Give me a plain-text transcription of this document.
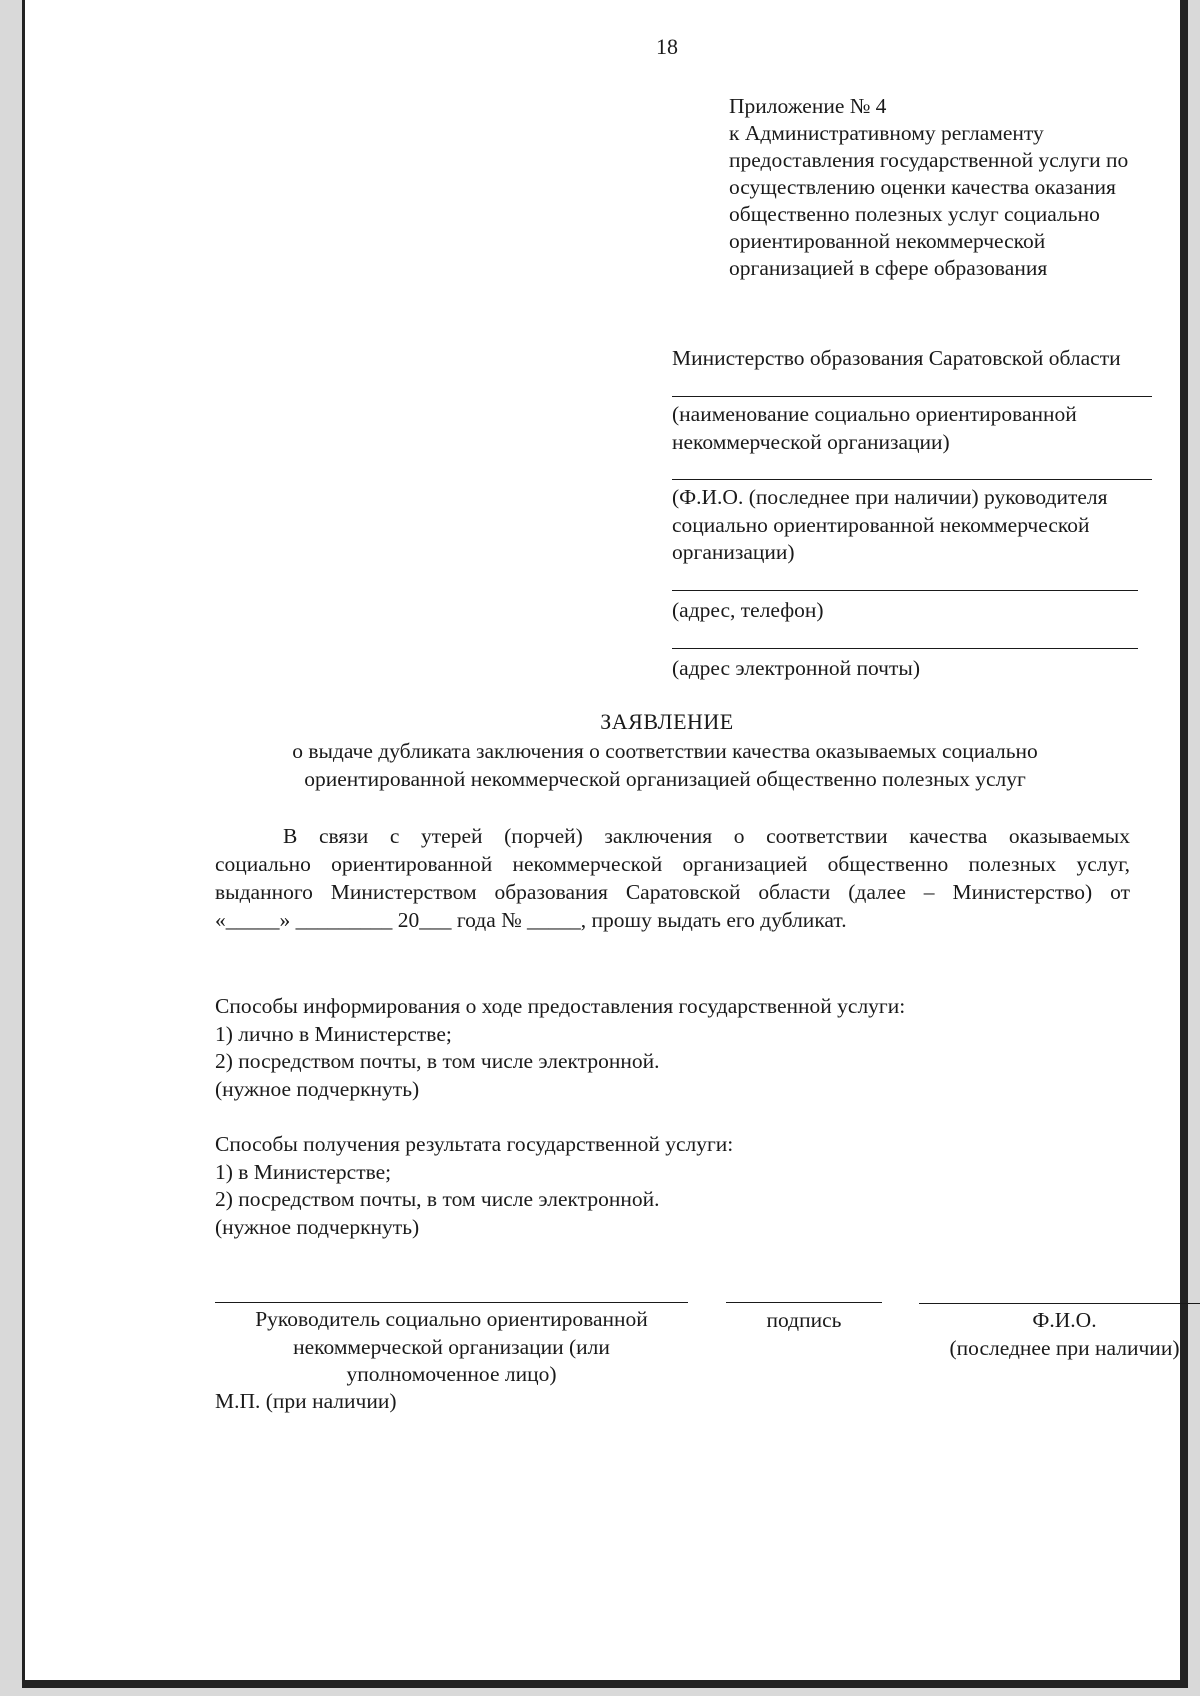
18
Приложение № 4
к Административному регламенту
предоставления государственной услуги по
осуществлению оценки качества оказания
общественно полезных услуг социально
ориентированной некоммерческой
организацией в сфере образования
Министерство образования Саратовской области
(наименование социально ориентированной
некоммерческой организации)
(Ф.И.О. (последнее при наличии) руководителя
социально ориентированной некоммерческой
организации)
(адрес, телефон)
(адрес электронной почты)
ЗАЯВЛЕНИЕ
о выдаче дубликата заключения о соответствии качества оказываемых социально
ориентированной некоммерческой организацией общественно полезных услуг
В связи с утерей (порчей) заключения о соответствии качества оказываемых
социально ориентированной некоммерческой организацией общественно полезных услуг,
выданного Министерством образования Саратовской области (далее – Министерство) от
«_____» _________ 20___ года № _____, прошу выдать его дубликат.
Способы информирования о ходе предоставления государственной услуги:
1) лично в Министерстве;
2) посредством почты, в том числе электронной.
(нужное подчеркнуть)
Способы получения результата государственной услуги:
1) в Министерстве;
2) посредством почты, в том числе электронной.
(нужное подчеркнуть)
Руководитель социально ориентированной
некоммерческой организации (или
уполномоченное лицо)
подпись	Ф.И.О.
(последнее при наличии)
М.П. (при наличии)
